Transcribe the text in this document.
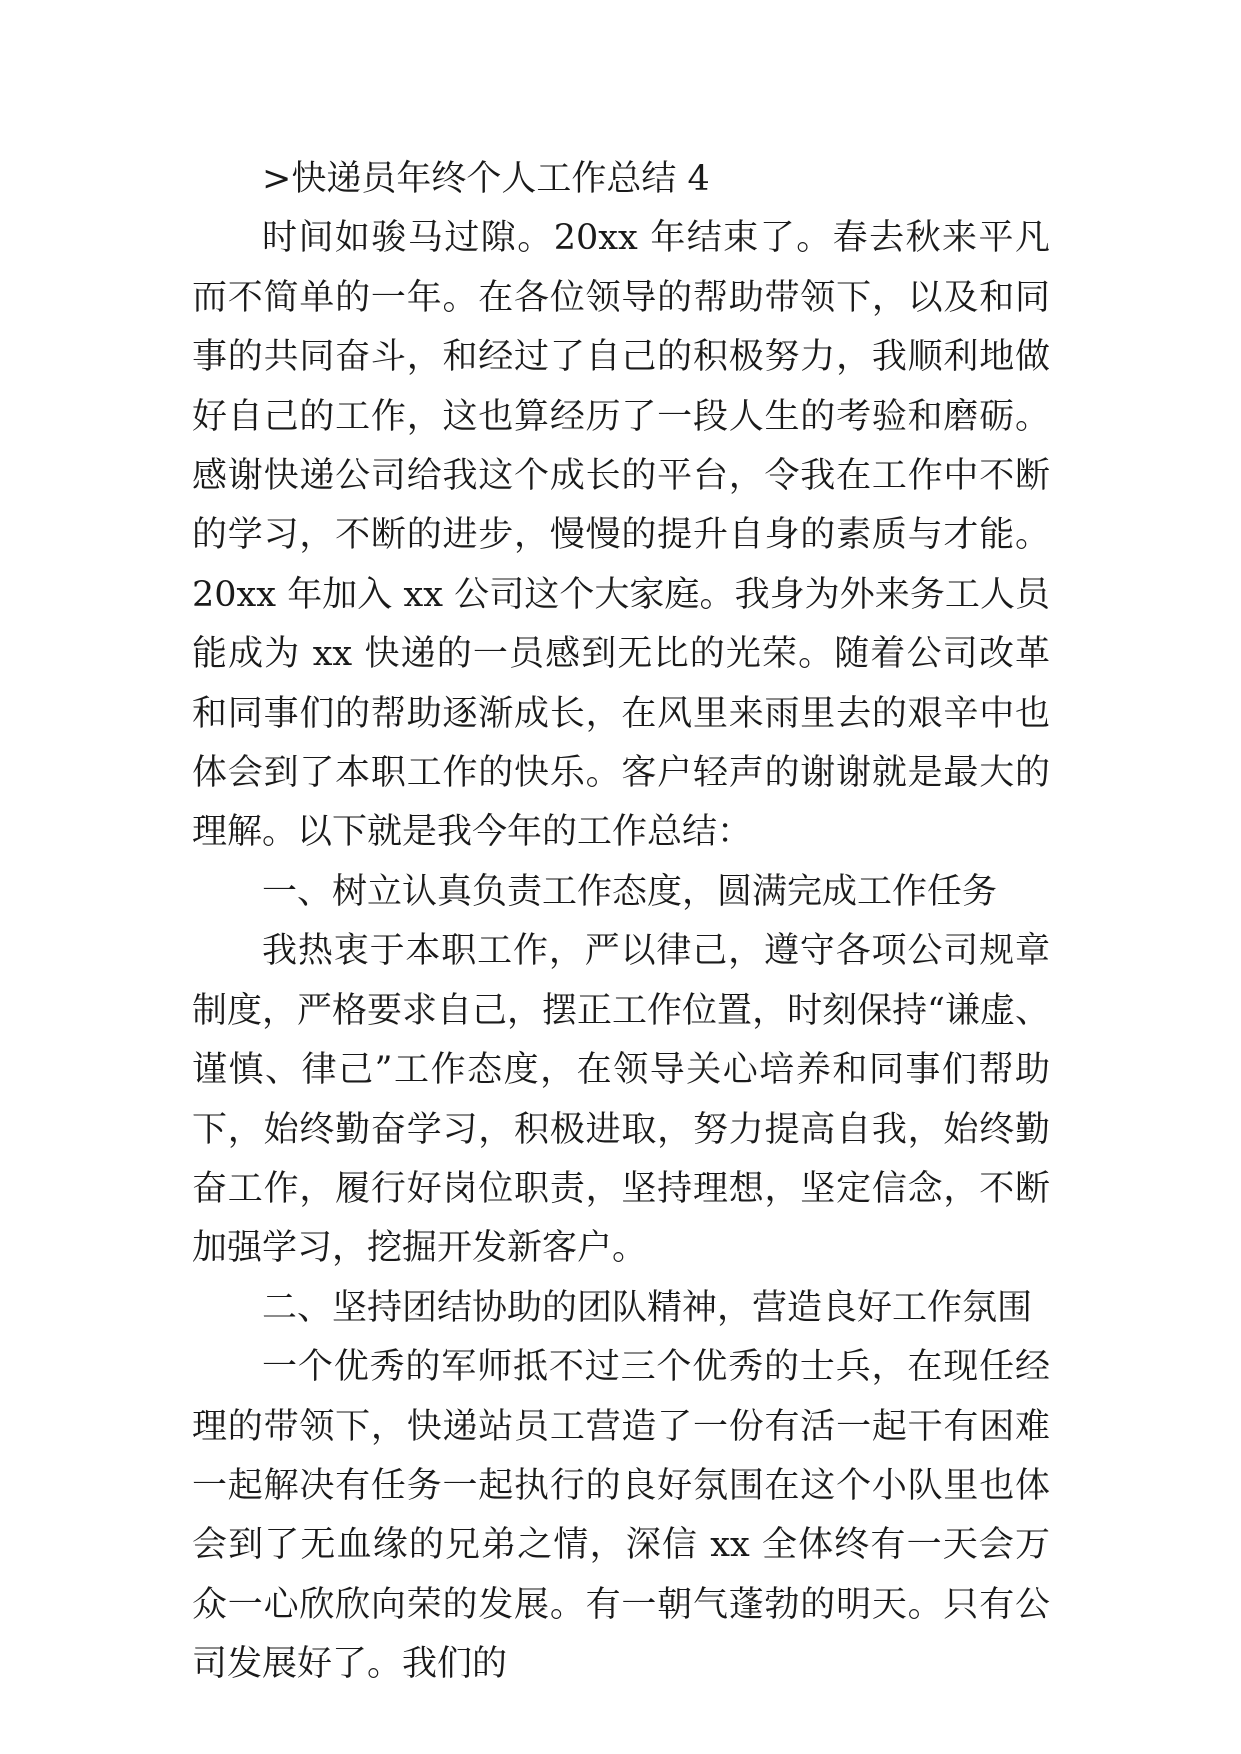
>快递员年终个人工作总结 4

时间如骏马过隙。20xx 年结束了。春去秋来平凡而不简单的一年。在各位领导的帮助带领下，以及和同事的共同奋斗，和经过了自己的积极努力，我顺利地做好自己的工作，这也算经历了一段人生的考验和磨砺。感谢快递公司给我这个成长的平台，令我在工作中不断的学习，不断的进步，慢慢的提升自身的素质与才能。20xx 年加入 xx 公司这个大家庭。我身为外来务工人员能成为 xx 快递的一员感到无比的光荣。随着公司改革和同事们的帮助逐渐成长，在风里来雨里去的艰辛中也体会到了本职工作的快乐。客户轻声的谢谢就是最大的理解。以下就是我今年的工作总结：

一、树立认真负责工作态度，圆满完成工作任务

我热衷于本职工作，严以律己，遵守各项公司规章制度，严格要求自己，摆正工作位置，时刻保持“谦虚、谨慎、律己”工作态度，在领导关心培养和同事们帮助下，始终勤奋学习，积极进取，努力提高自我，始终勤奋工作，履行好岗位职责，坚持理想，坚定信念，不断加强学习，挖掘开发新客户。

二、坚持团结协助的团队精神，营造良好工作氛围

一个优秀的军师抵不过三个优秀的士兵，在现任经理的带领下，快递站员工营造了一份有活一起干有困难一起解决有任务一起执行的良好氛围在这个小队里也体会到了无血缘的兄弟之情，深信 xx 全体终有一天会万众一心欣欣向荣的发展。有一朝气蓬勃的明天。只有公司发展好了。我们的
